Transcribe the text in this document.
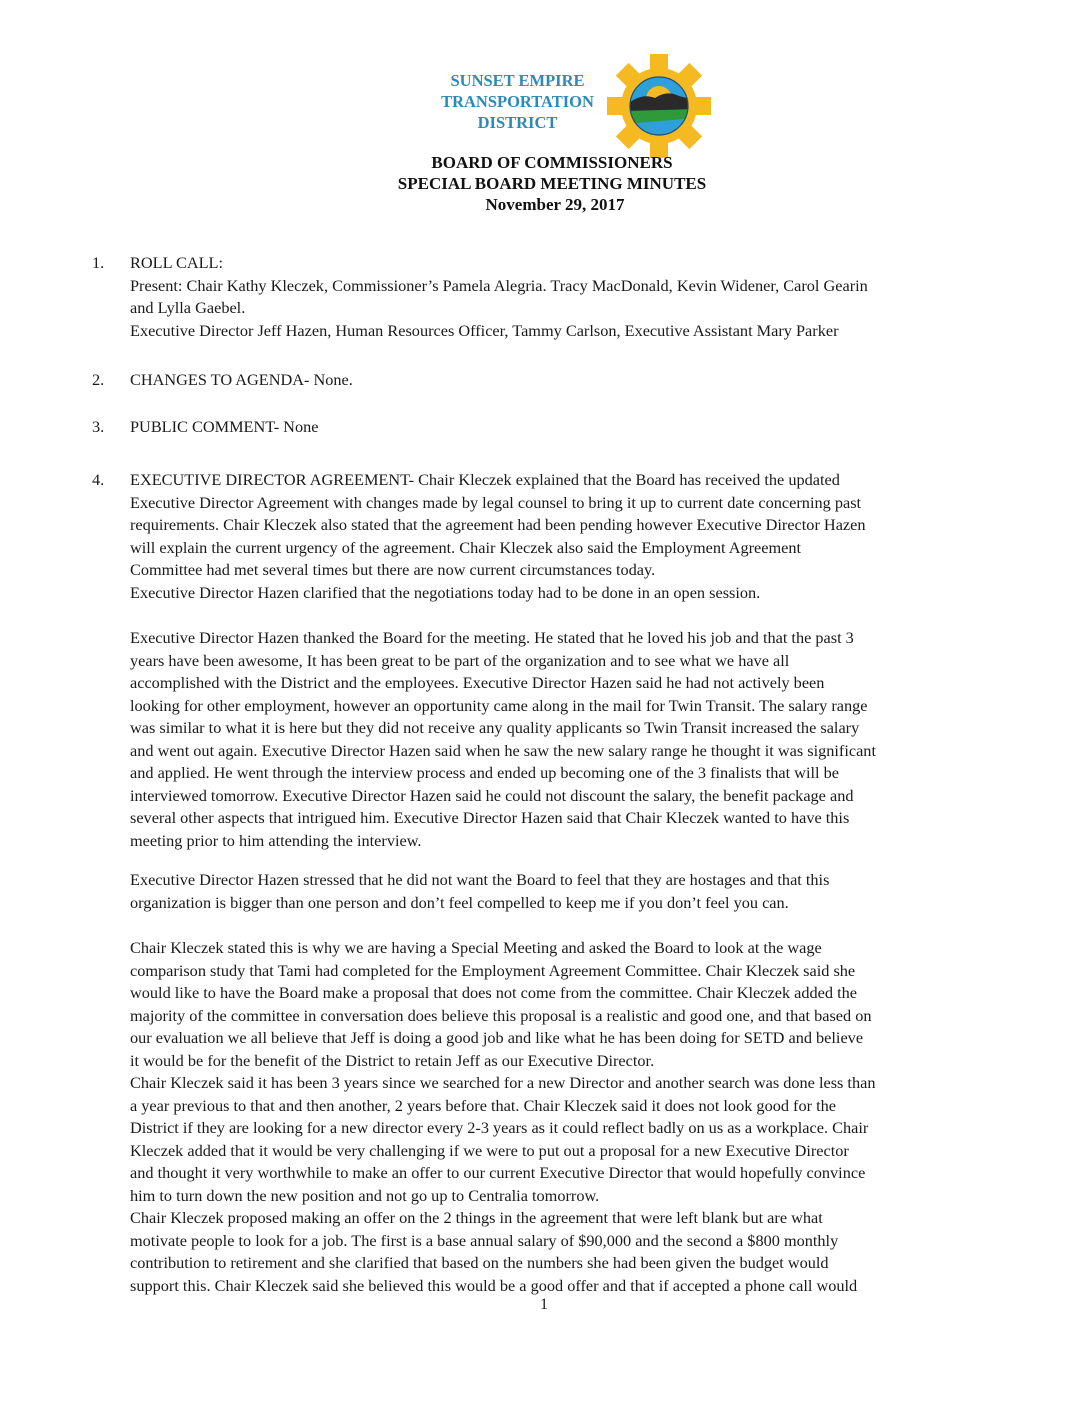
SUNSET EMPIRE
TRANSPORTATION
DISTRICT
BOARD OF COMMISSIONERS
SPECIAL BOARD MEETING MINUTES
November 29, 2017
1. ROLL CALL:
Present: Chair Kathy Kleczek, Commissioner’s Pamela Alegria. Tracy MacDonald, Kevin Widener, Carol Gearin
and Lylla Gaebel.
Executive Director Jeff Hazen, Human Resources Officer, Tammy Carlson, Executive Assistant Mary Parker
2. CHANGES TO AGENDA- None.
3. PUBLIC COMMENT- None
4. EXECUTIVE DIRECTOR AGREEMENT- Chair Kleczek explained that the Board has received the updated
Executive Director Agreement with changes made by legal counsel to bring it up to current date concerning past
requirements. Chair Kleczek also stated that the agreement had been pending however Executive Director Hazen
will explain the current urgency of the agreement. Chair Kleczek also said the Employment Agreement
Committee had met several times but there are now current circumstances today.
Executive Director Hazen clarified that the negotiations today had to be done in an open session.
Executive Director Hazen thanked the Board for the meeting. He stated that he loved his job and that the past 3
years have been awesome, It has been great to be part of the organization and to see what we have all
accomplished with the District and the employees. Executive Director Hazen said he had not actively been
looking for other employment, however an opportunity came along in the mail for Twin Transit. The salary range
was similar to what it is here but they did not receive any quality applicants so Twin Transit increased the salary
and went out again. Executive Director Hazen said when he saw the new salary range he thought it was significant
and applied. He went through the interview process and ended up becoming one of the 3 finalists that will be
interviewed tomorrow. Executive Director Hazen said he could not discount the salary, the benefit package and
several other aspects that intrigued him. Executive Director Hazen said that Chair Kleczek wanted to have this
meeting prior to him attending the interview.
Executive Director Hazen stressed that he did not want the Board to feel that they are hostages and that this
organization is bigger than one person and don’t feel compelled to keep me if you don’t feel you can.
Chair Kleczek stated this is why we are having a Special Meeting and asked the Board to look at the wage
comparison study that Tami had completed for the Employment Agreement Committee. Chair Kleczek said she
would like to have the Board make a proposal that does not come from the committee. Chair Kleczek added the
majority of the committee in conversation does believe this proposal is a realistic and good one, and that based on
our evaluation we all believe that Jeff is doing a good job and like what he has been doing for SETD and believe
it would be for the benefit of the District to retain Jeff as our Executive Director.
Chair Kleczek said it has been 3 years since we searched for a new Director and another search was done less than
a year previous to that and then another, 2 years before that. Chair Kleczek said it does not look good for the
District if they are looking for a new director every 2-3 years as it could reflect badly on us as a workplace. Chair
Kleczek added that it would be very challenging if we were to put out a proposal for a new Executive Director
and thought it very worthwhile to make an offer to our current Executive Director that would hopefully convince
him to turn down the new position and not go up to Centralia tomorrow.
Chair Kleczek proposed making an offer on the 2 things in the agreement that were left blank but are what
motivate people to look for a job. The first is a base annual salary of $90,000 and the second a $800 monthly
contribution to retirement and she clarified that based on the numbers she had been given the budget would
support this. Chair Kleczek said she believed this would be a good offer and that if accepted a phone call would
1
